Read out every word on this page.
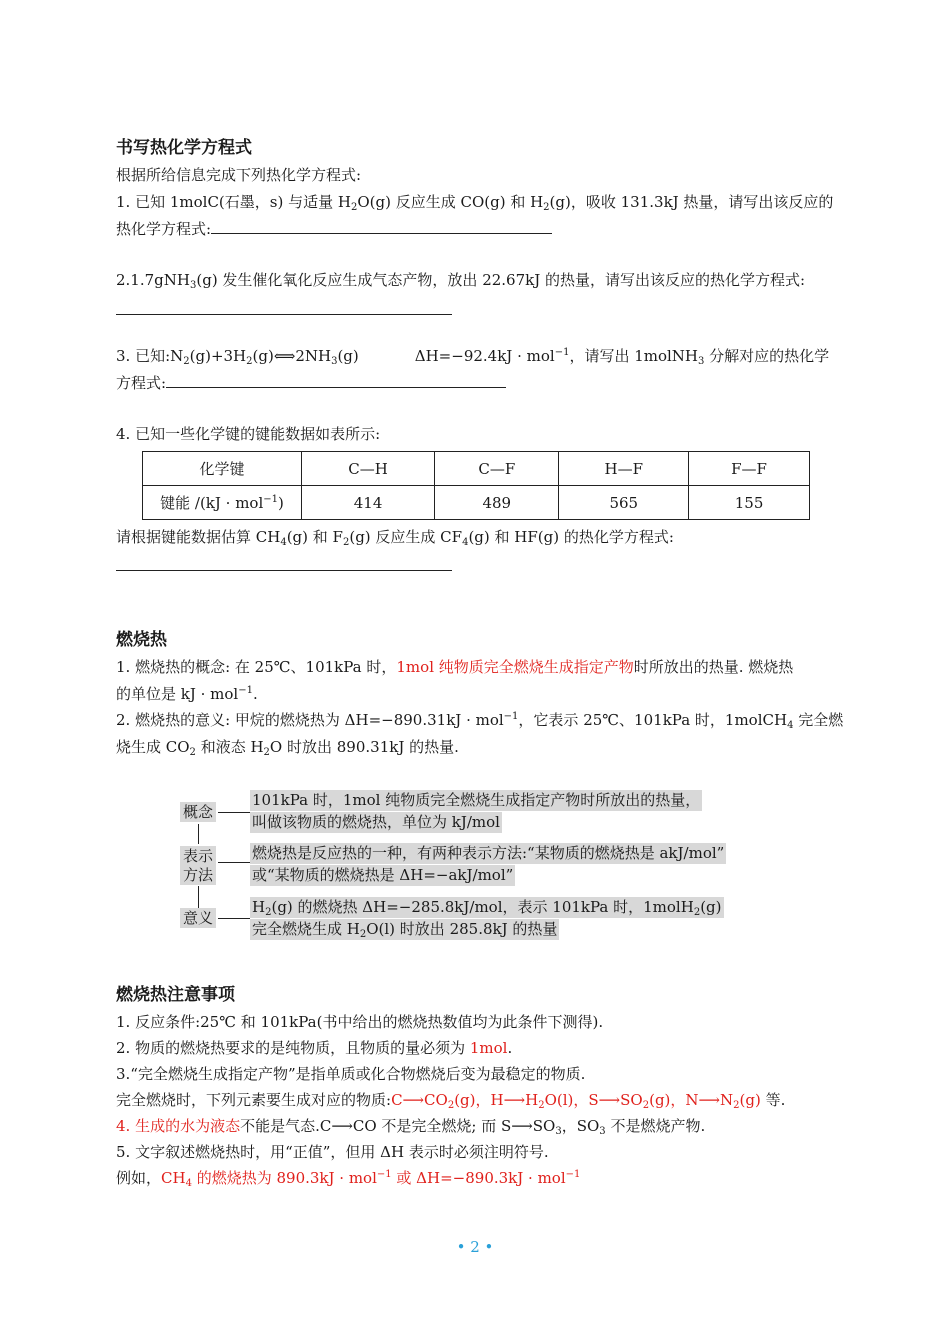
书写热化学方程式
根据所给信息完成下列热化学方程式:
1. 已知 1molC(石墨，s) 与适量 $H_2O(g)$ 反应生成 CO(g) 和 $H_2(g)$，吸收 131.3kJ 热量，请写出该反应的
热化学方程式:
2.1.7gNH$_3$(g) 发生催化氧化反应生成气态产物，放出 22.67kJ 的热量，请写出该反应的热化学方程式:
3. 已知$:N_2(g)+3H_2(g)⟺2NH_3(g)$	ΔH=−92.4kJ · mol$^{-1}$，请写出 1molNH$_3$ 分解对应的热化学
方程式:
4. 已知一些化学键的键能数据如表所示:
化学键	C—H	C—F	H—F	F—F
键能 /(kJ · mol$^{-1}$)	414	489	565	155
请根据键能数据估算 $CH_4(g)$ 和 $F_2(g)$ 反应生成 $CF_4(g)$ 和 HF(g) 的热化学方程式:
燃烧热
1. 燃烧热的概念: 在 25℃、101kPa 时，1mol 纯物质完全燃烧生成指定产物时所放出的热量. 燃烧热
的单位是 kJ · mol$^{-1}$.
2. 燃烧热的意义: 甲烷的燃烧热为 ΔH=−890.31kJ · mol$^{-1}$，它表示 25℃、101kPa 时，1molCH$_4$ 完全燃
烧生成 $CO_2$ 和液态 $H_2O$ 时放出 890.31kJ 的热量.
概念
101kPa 时，1mol 纯物质完全燃烧生成指定产物时所放出的热量，
叫做该物质的燃烧热，单位为 kJ/mol
表示
方法
燃烧热是反应热的一种，有两种表示方法:“某物质的燃烧热是 akJ/mol”
或“某物质的燃烧热是 ΔH=−akJ/mol”
意义
$H_2(g)$ 的燃烧热 ΔH=−285.8kJ/mol，表示 101kPa 时，1molH$_2$(g)
完全燃烧生成 $H_2O(l)$ 时放出 285.8kJ 的热量
燃烧热注意事项
1. 反应条件:25℃ 和 101kPa(书中给出的燃烧热数值均为此条件下测得).
2. 物质的燃烧热要求的是纯物质，且物质的量必须为 1mol.
3.“完全燃烧生成指定产物”是指单质或化合物燃烧后变为最稳定的物质.
完全燃烧时，下列元素要生成对应的物质$:C⟶CO_2(g)$，$H⟶H_2O(l)$，$S⟶SO_2(g)$，$N⟶N_2(g)$ 等.
4. 生成的水为液态不能是气态.C⟶CO 不是完全燃烧; 而 $S⟶SO_3$，$SO_3$ 不是燃烧产物.
5. 文字叙述燃烧热时，用“正值”，但用 ΔH 表示时必须注明符号.
例如，$CH_4$ 的燃烧热为 890.3kJ · mol$^{-1}$ 或 ΔH=−890.3kJ · mol$^{-1}$
• 2 •
